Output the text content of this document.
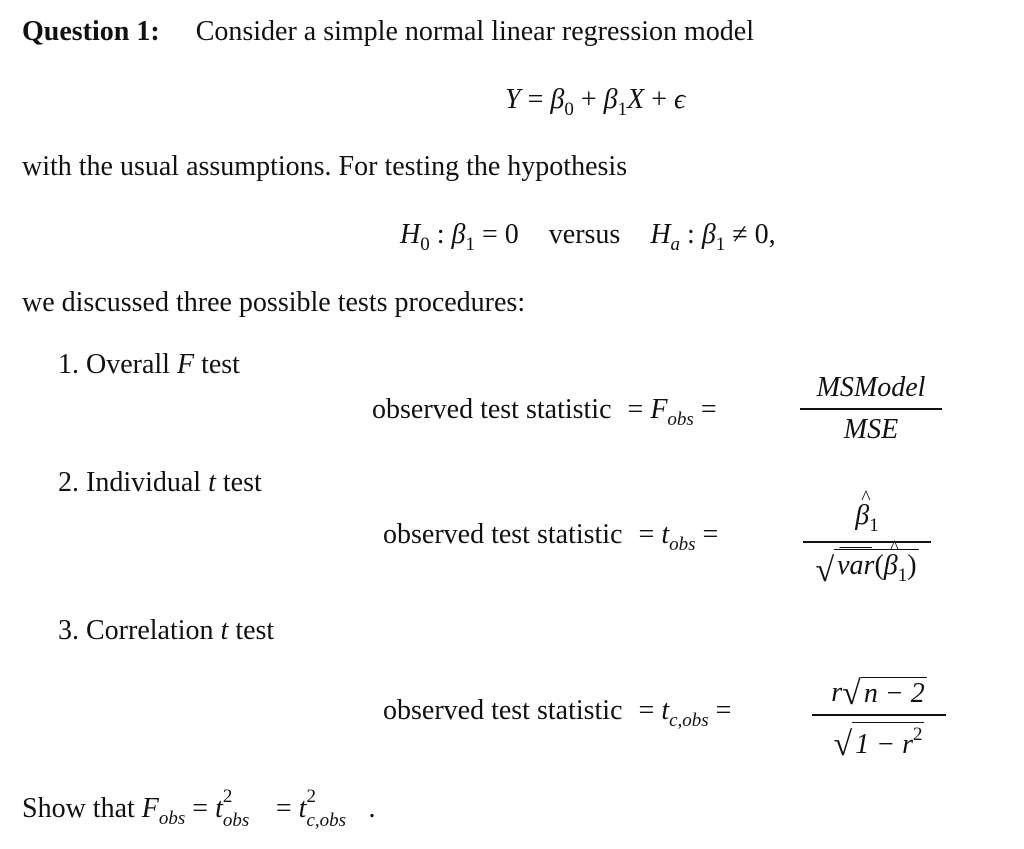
Question 1: Consider a simple normal linear regression model
$Y = \beta_0 + \beta_1X + \epsilon$
with the usual assumptions. For testing the hypothesis
$H_0$ : $\beta_1 = 0$ versus $H_a$ : $\beta_1 \ne 0$,
we discussed three possible tests procedures:
1. Overall F test
observed test statistic = $F_{obs}$ =
MSModel
MSE
2. Individual t test
observed test statistic = $t_{obs}$ =
^ $\beta_1$
√ var(^ $\beta_1$)
3. Correlation t test
observed test statistic = $t_{c,obs}$ =
r √ n − 2
√ $1 - r^2$
Show that $F_{obs} = t$ 2
obs = t 2
c,obs .
